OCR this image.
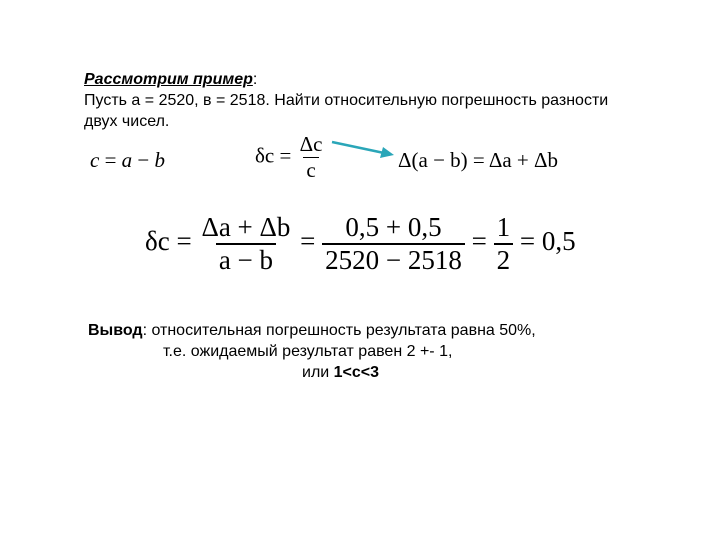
Рассмотрим пример:
Пусть а = 2520, в = 2518. Найти относительную погрешность разности
двух чисел.
c = a − b	$\delta c = \frac{\Delta c}{c}$	Δ(a − b) = Δa + Δb
$\delta c = \frac{\Delta a + \Delta b}{a - b} = \frac{0,5 + 0,5}{2520 - 2518} = \frac{1}{2} = 0,5$
Вывод: относительная погрешность результата равна 50%,
т.е. ожидаемый результат равен 2 +- 1,
или 1<c<3
